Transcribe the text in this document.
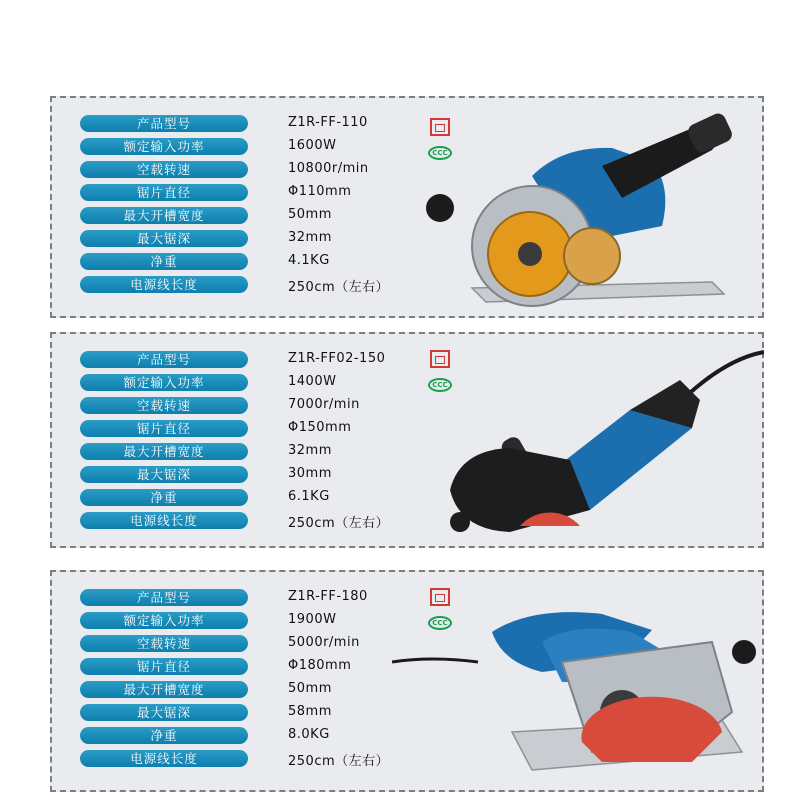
产品型号	Z1R-FF-110
额定输入功率	1600W
空载转速	10800r/min
锯片直径	Φ110mm
最大开槽宽度	50mm
最大锯深	32mm
净重	4.1KG
电源线长度	250cm（左右）
CCC
产品型号	Z1R-FF02-150
额定输入功率	1400W
空载转速	7000r/min
锯片直径	Φ150mm
最大开槽宽度	32mm
最大锯深	30mm
净重	6.1KG
电源线长度	250cm（左右）
CCC
产品型号	Z1R-FF-180
额定输入功率	1900W
空载转速	5000r/min
锯片直径	Φ180mm
最大开槽宽度	50mm
最大锯深	58mm
净重	8.0KG
电源线长度	250cm（左右）
CCC
